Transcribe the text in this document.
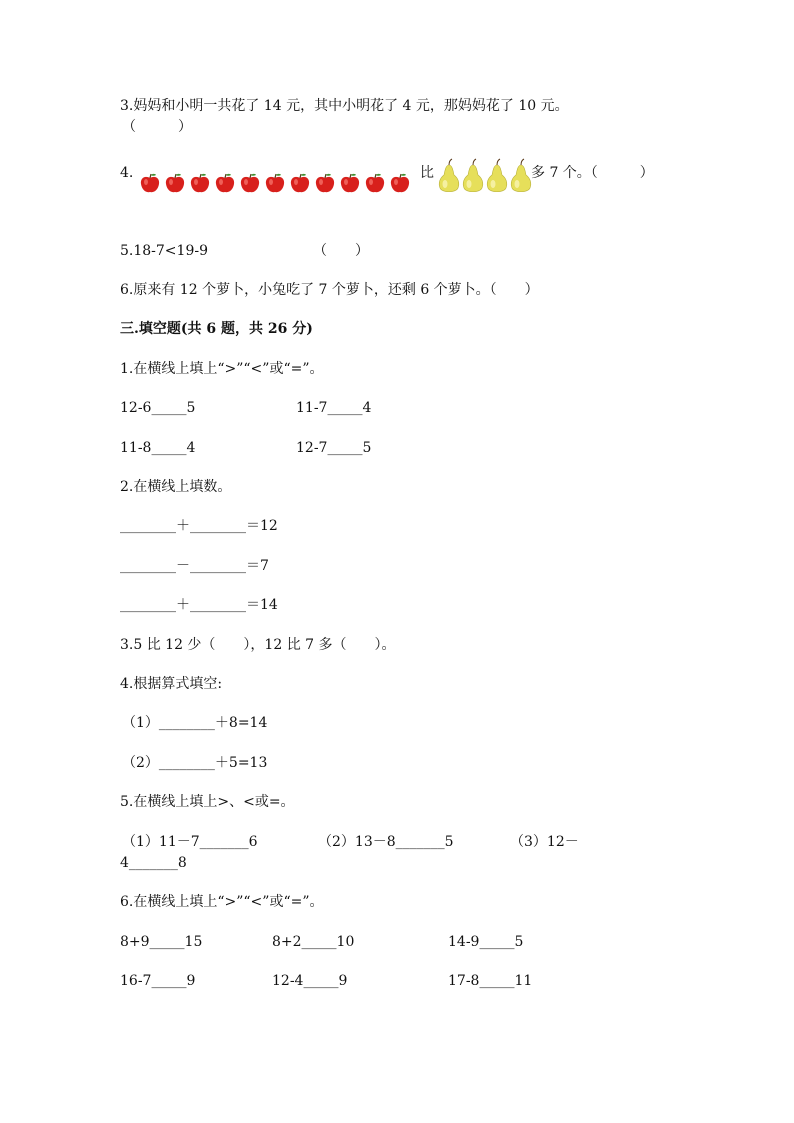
3.妈妈和小明一共花了 14 元，其中小明花了 4 元，那妈妈花了 10 元。
（　　　）
4.	比	多 7 个。（　　　）
5.18-7<19-9	（　　）
6.原来有 12 个萝卜，小兔吃了 7 个萝卜，还剩 6 个萝卜。（　　）
三.填空题(共 6 题，共 26 分)
1.在横线上填上“>”“<”或“=”。
12-6_____5	11-7_____4
11-8_____4	12-7_____5
2.在横线上填数。
________＋________＝12
________－________＝7
________＋________＝14
3.5 比 12 少（　　），12 比 7 多（　　）。
4.根据算式填空:
（1）________＋8=14
（2）________＋5=13
5.在横线上填上>、<或=。
（1）11－7_______6	（2）13－8_______5	（3）12－
4_______8
6.在横线上填上“>”“<”或“=”。
8+9_____15	8+2_____10	14-9_____5
16-7_____9	12-4_____9	17-8_____11
